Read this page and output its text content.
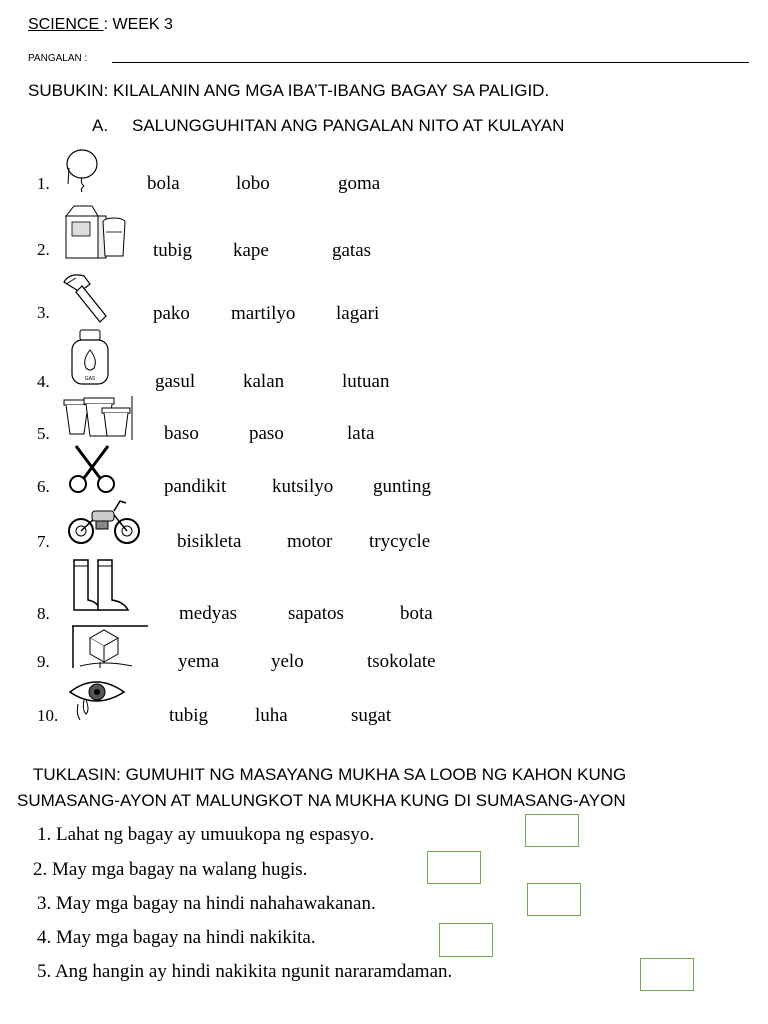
SCIENCE : WEEK 3
PANGALAN :
SUBUKIN: KILALANIN ANG MGA IBA’T-IBANG BAGAY SA PALIGID.
A. SALUNGGUHITAN ANG PANGALAN NITO AT KULAYAN
1.	bola	lobo	goma
2.	tubig kape	gatas
3.	pako martilyo lagari
4.	GAS	gasul	kalan	lutuan
5.	baso	paso	lata
6.	pandikit kutsilyo gunting
7.	bisikleta motor trycycle
8.	medyas	sapatos	bota
9.	yema	yelo	tsokolate
10.	tubig luha	sugat
TUKLASIN: GUMUHIT NG MASAYANG MUKHA SA LOOB NG KAHON KUNG
SUMASANG-AYON AT MALUNGKOT NA MUKHA KUNG DI SUMASANG-AYON
1. Lahat ng bagay ay umuukopa ng espasyo.
2. May mga bagay na walang hugis.
3. May mga bagay na hindi nahahawakanan.
4. May mga bagay na hindi nakikita.
5. Ang hangin ay hindi nakikita ngunit nararamdaman.
